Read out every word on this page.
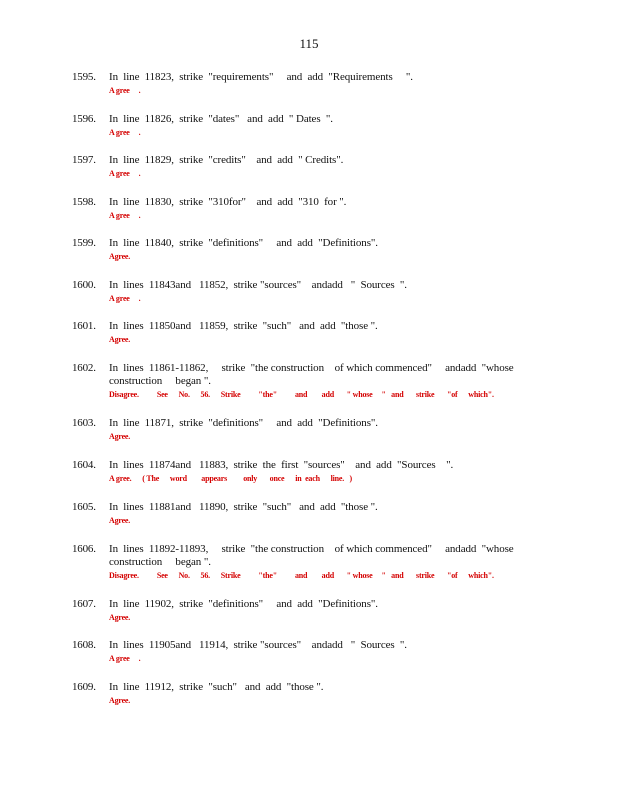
115
1595. In  line  11823,  strike  "requirements"     and  add  "Requirements     ".
A gree     .
1596. In  line  11826,  strike  "dates"   and  add  " Dates  ".
A gree     .
1597. In  line  11829,  strike  "credits"    and  add  " Credits".
A gree     .
1598. In  line  11830,  strike  "310for"    and  add  "310  for ".
A gree     .
1599. In  line  11840,  strike  "definitions"     and  add  "Definitions".
Agree.
1600. In  lines  11843and   11852,  strike "sources"    andadd   "  Sources  ".
A gree     .
1601. In  lines  11850and   11859,  strike  "such"   and  add  "those ".
Agree.
1602. In  lines  11861-11862,     strike  "the construction    of which commenced"     andadd  "whose
construction     began ".
Disagree.          See      No.      56.      Strike          "the"          and        add       " whose     "   and       strike       "of      which".
1603. In  line  11871,  strike  "definitions"     and  add  "Definitions".
Agree.
1604. In  lines  11874and   11883,  strike  the  first  "sources"    and  add  "Sources    ".
A gree.      ( The      word        appears         only       once      in  each      line.   )
1605. In  lines  11881and   11890,  strike  "such"   and  add  "those ".
Agree.
1606. In  lines  11892-11893,     strike  "the construction    of which commenced"     andadd  "whose
construction     began ".
Disagree.          See      No.      56.      Strike          "the"          and        add       " whose     "   and       strike       "of      which".
1607. In  line  11902,  strike  "definitions"     and  add  "Definitions".
Agree.
1608. In  lines  11905and   11914,  strike "sources"    andadd   "  Sources  ".
A gree     .
1609. In  line  11912,  strike  "such"   and  add  "those ".
Agree.
